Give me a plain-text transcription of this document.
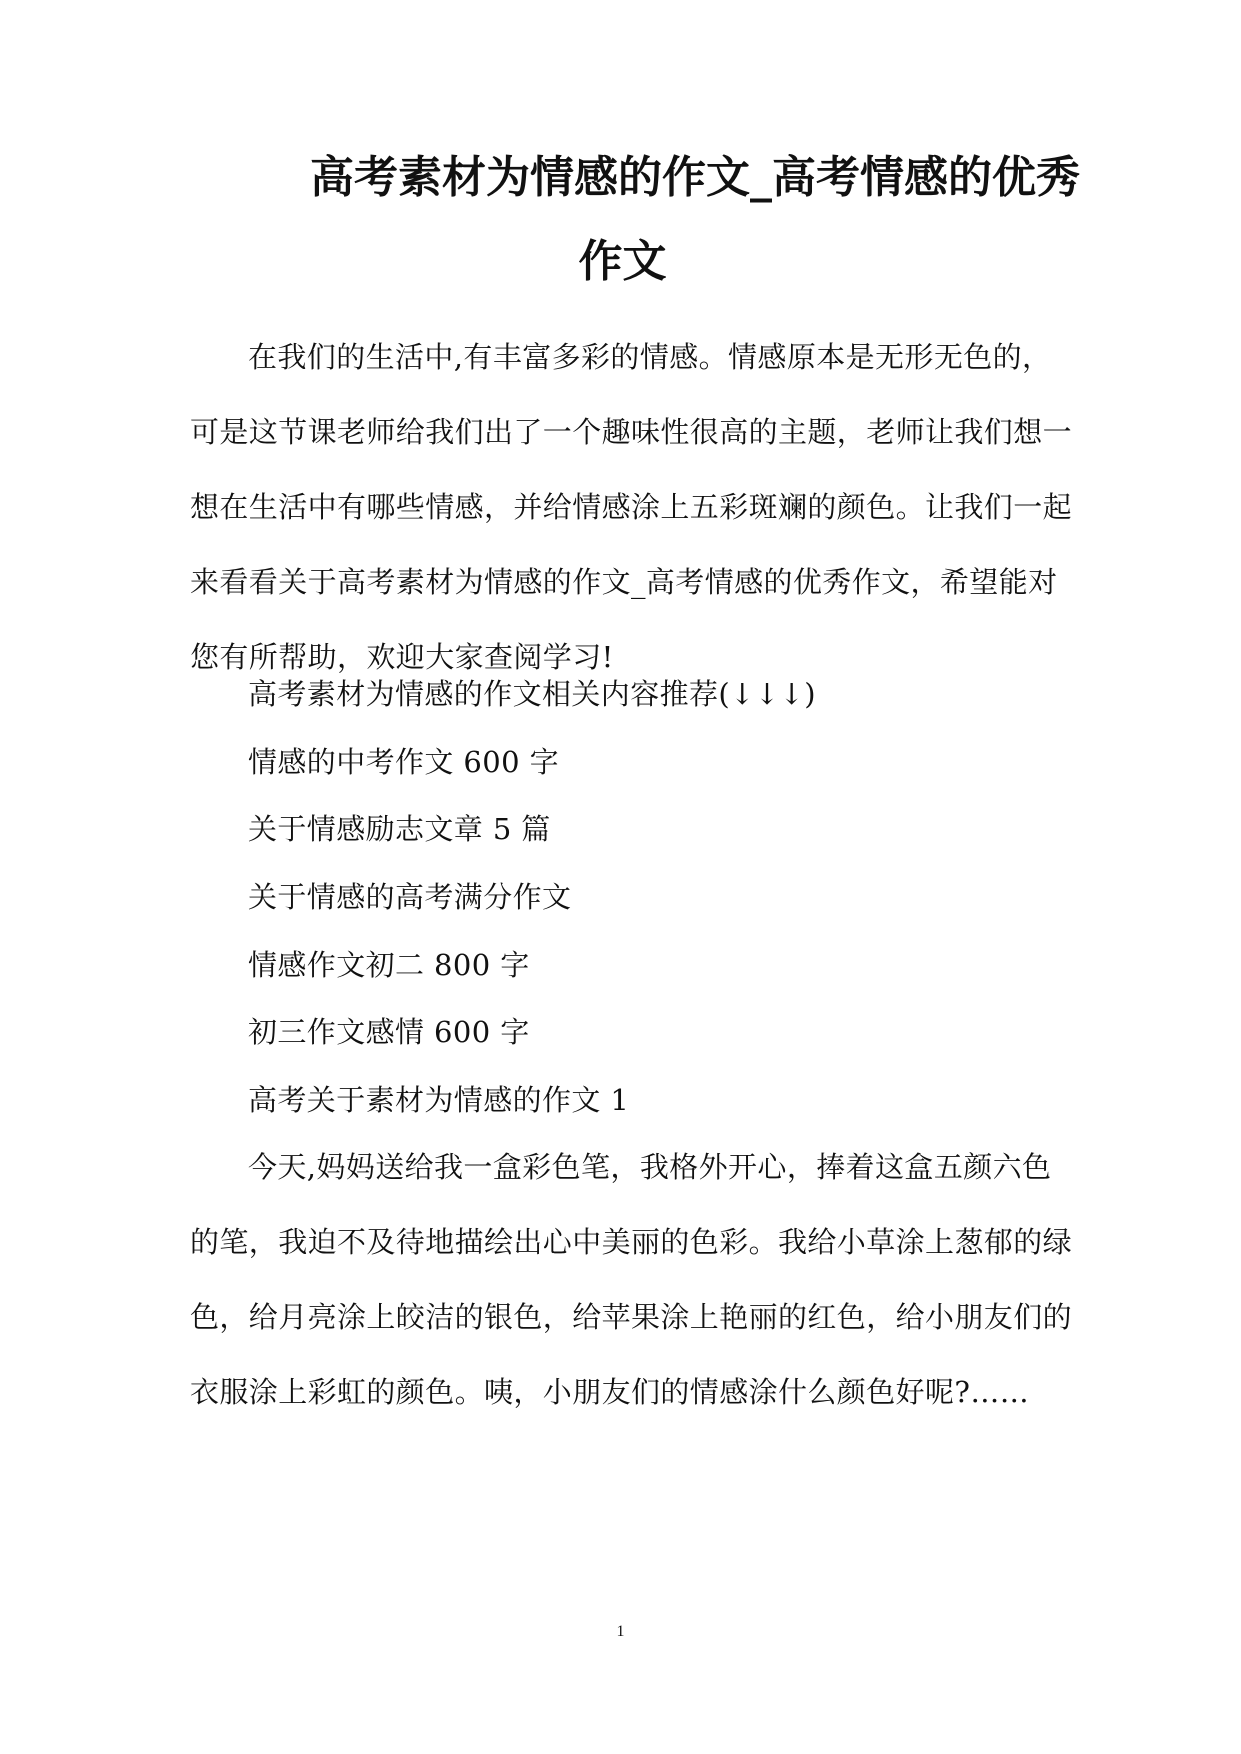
高考素材为情感的作文_高考情感的优秀
作文

在我们的生活中,有丰富多彩的情感。情感原本是无形无色的，
可是这节课老师给我们出了一个趣味性很高的主题，老师让我们想一
想在生活中有哪些情感，并给情感涂上五彩斑斓的颜色。让我们一起
来看看关于高考素材为情感的作文_高考情感的优秀作文，希望能对
您有所帮助，欢迎大家查阅学习!

高考素材为情感的作文相关内容推荐(↓↓↓)

情感的中考作文 600 字

关于情感励志文章 5 篇

关于情感的高考满分作文

情感作文初二 800 字

初三作文感情 600 字

高考关于素材为情感的作文 1

今天,妈妈送给我一盒彩色笔，我格外开心，捧着这盒五颜六色
的笔，我迫不及待地描绘出心中美丽的色彩。我给小草涂上葱郁的绿
色，给月亮涂上皎洁的银色，给苹果涂上艳丽的红色，给小朋友们的
衣服涂上彩虹的颜色。咦，小朋友们的情感涂什么颜色好呢?……

1
